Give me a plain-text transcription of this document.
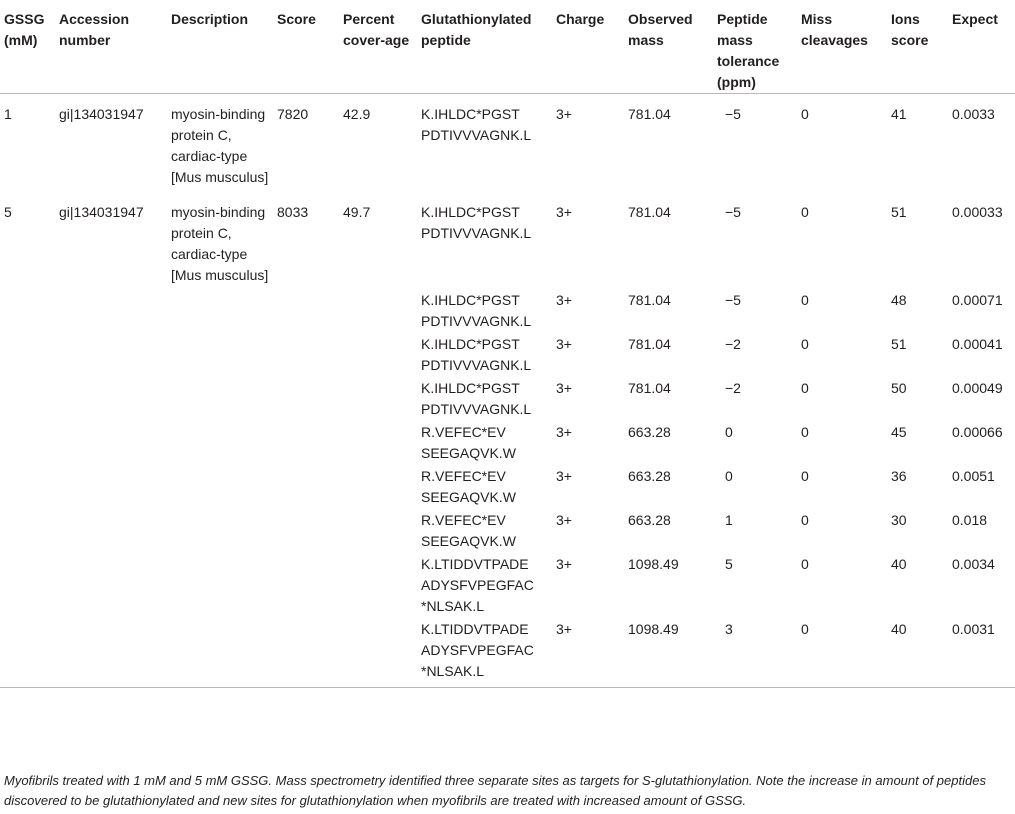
GSSG (mM)	Accession number	Description	Score	Percent cover-age	Glutathionylated peptide	Charge	Observed mass	Peptide mass tolerance (ppm)	Miss cleavages	Ions score	Expect
1	gi|134031947	myosin-binding protein C, cardiac-type [Mus musculus]	7820	42.9	K.IHLDC*PGST PDTIVVVAGNK.L	3+	781.04	−5	0	41	0.0033
5	gi|134031947	myosin-binding protein C, cardiac-type [Mus musculus]	8033	49.7	K.IHLDC*PGST PDTIVVVAGNK.L	3+	781.04	−5	0	51	0.00033
					K.IHLDC*PGST PDTIVVVAGNK.L	3+	781.04	−5	0	48	0.00071
					K.IHLDC*PGST PDTIVVVAGNK.L	3+	781.04	−2	0	51	0.00041
					K.IHLDC*PGST PDTIVVVAGNK.L	3+	781.04	−2	0	50	0.00049
					R.VEFEC*EV SEEGAQVK.W	3+	663.28	0	0	45	0.00066
					R.VEFEC*EV SEEGAQVK.W	3+	663.28	0	0	36	0.0051
					R.VEFEC*EV SEEGAQVK.W	3+	663.28	1	0	30	0.018
					K.LTIDDVTPADE ADYSFVPEGFAC *NLSAK.L	3+	1098.49	5	0	40	0.0034
					K.LTIDDVTPADE ADYSFVPEGFAC *NLSAK.L	3+	1098.49	3	0	40	0.0031
Myofibrils treated with 1 mM and 5 mM GSSG. Mass spectrometry identified three separate sites as targets for S-glutathionylation. Note the increase in amount of peptides discovered to be glutathionylated and new sites for glutathionylation when myofibrils are treated with increased amount of GSSG.
